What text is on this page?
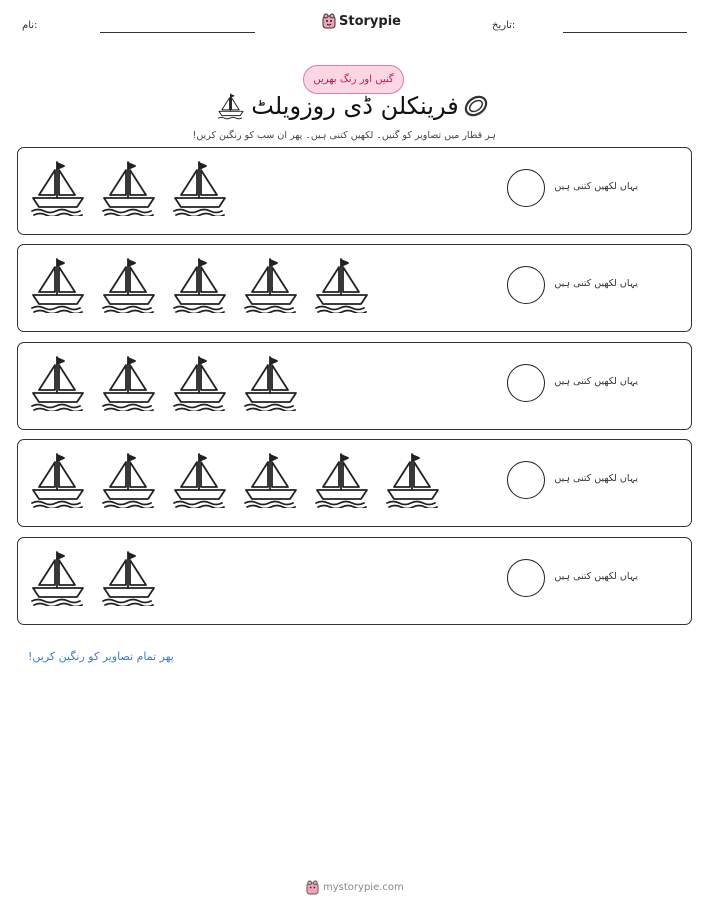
نام:	Storypie	تاریخ:
گنیں اور رنگ بھریں
فرینکلن ڈی روزویلٹ
ہر قطار میں تصاویر کو گنیں۔ لکھیں کتنی ہیں۔ پھر ان سب کو رنگین کریں!
یہاں لکھیں کتنی ہیں
یہاں لکھیں کتنی ہیں
یہاں لکھیں کتنی ہیں
یہاں لکھیں کتنی ہیں
یہاں لکھیں کتنی ہیں
پھر تمام تصاویر کو رنگین کریں!
mystorypie.com
